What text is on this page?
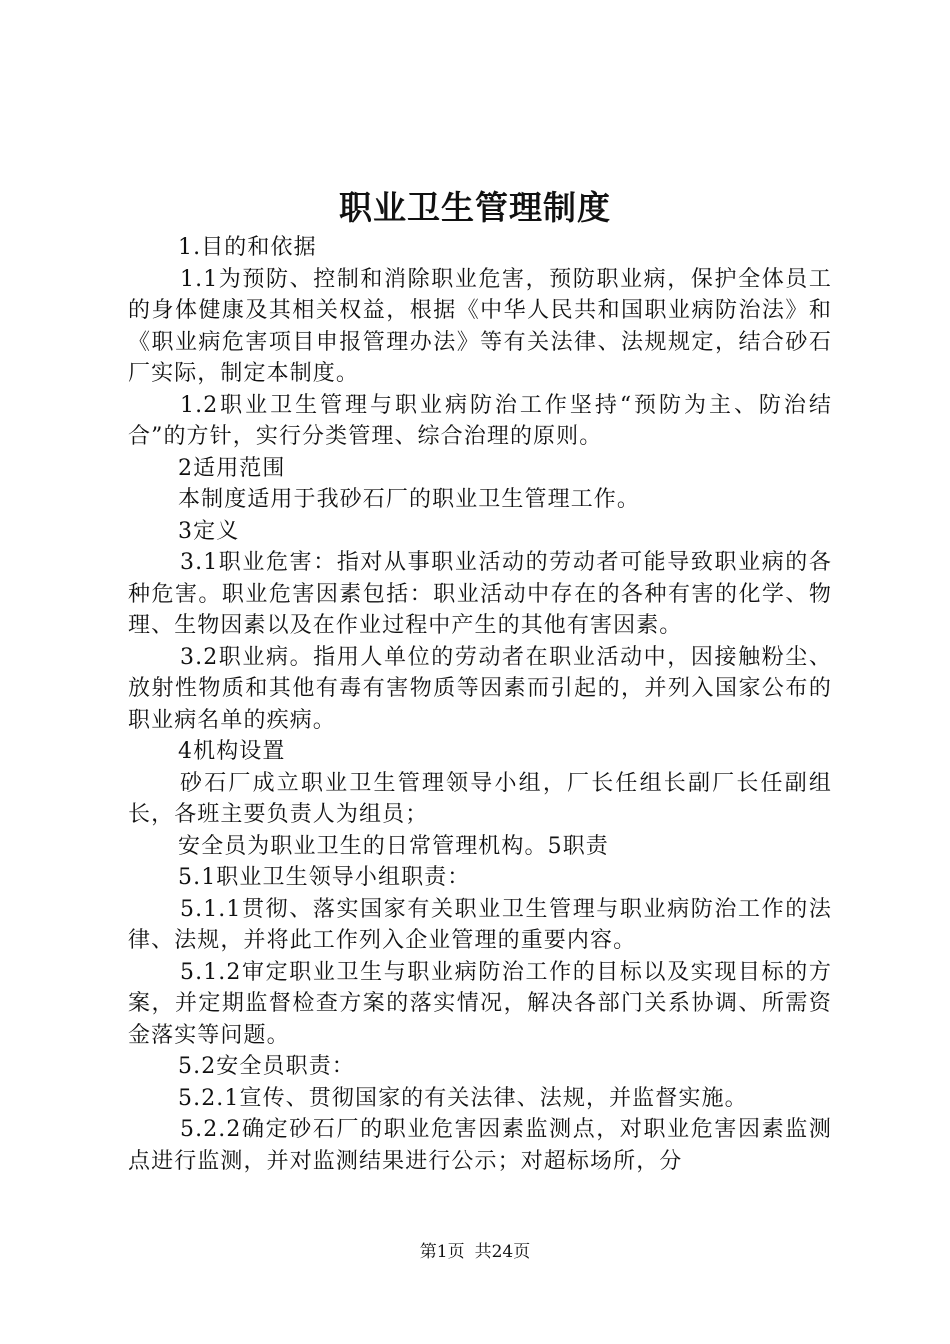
职业卫生管理制度

1.目的和依据

1.1为预防、控制和消除职业危害，预防职业病，保护全体员工的身体健康及其相关权益，根据《中华人民共和国职业病防治法》和《职业病危害项目申报管理办法》等有关法律、法规规定，结合砂石厂实际，制定本制度。

1.2职业卫生管理与职业病防治工作坚持“预防为主、防治结合”的方针，实行分类管理、综合治理的原则。

2适用范围

本制度适用于我砂石厂的职业卫生管理工作。

3定义

3.1职业危害：指对从事职业活动的劳动者可能导致职业病的各种危害。职业危害因素包括：职业活动中存在的各种有害的化学、物理、生物因素以及在作业过程中产生的其他有害因素。

3.2职业病。指用人单位的劳动者在职业活动中，因接触粉尘、放射性物质和其他有毒有害物质等因素而引起的，并列入国家公布的职业病名单的疾病。

4机构设置

砂石厂成立职业卫生管理领导小组，厂长任组长副厂长任副组长，各班主要负责人为组员；

安全员为职业卫生的日常管理机构。5职责

5.1职业卫生领导小组职责：

5.1.1贯彻、落实国家有关职业卫生管理与职业病防治工作的法律、法规，并将此工作列入企业管理的重要内容。

5.1.2审定职业卫生与职业病防治工作的目标以及实现目标的方案，并定期监督检查方案的落实情况，解决各部门关系协调、所需资金落实等问题。

5.2安全员职责：

5.2.1宣传、贯彻国家的有关法律、法规，并监督实施。

5.2.2确定砂石厂的职业危害因素监测点，对职业危害因素监测点进行监测，并对监测结果进行公示；对超标场所，分

第1页 共24页
